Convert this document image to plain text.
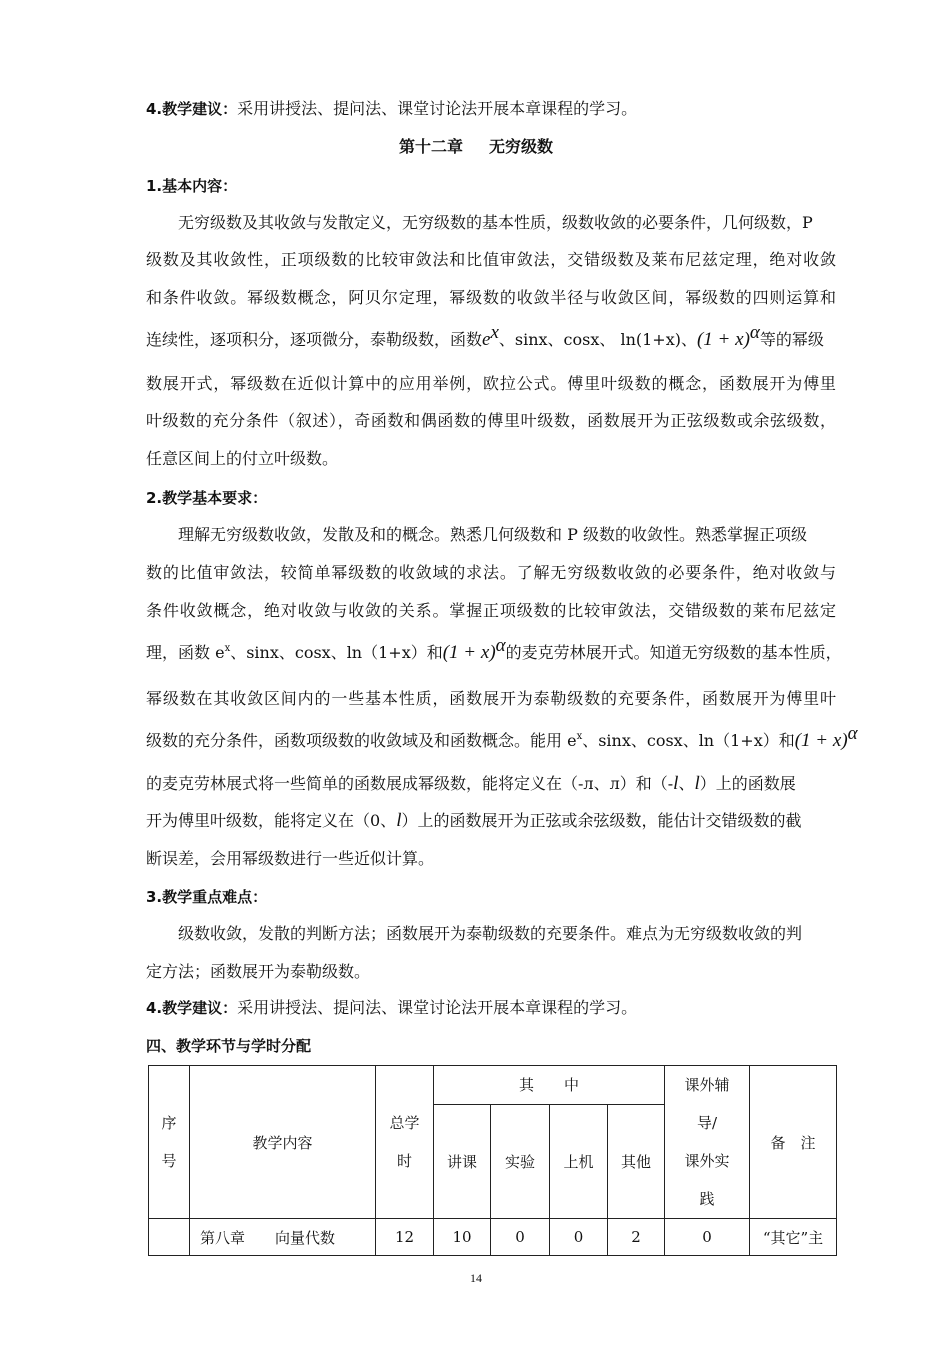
4.教学建议：采用讲授法、提问法、课堂讨论法开展本章课程的学习。
第十二章 无穷级数
1.基本内容：
无穷级数及其收敛与发散定义，无穷级数的基本性质，级数收敛的必要条件，几何级数，P
级数及其收敛性，正项级数的比较审敛法和比值审敛法，交错级数及莱布尼兹定理，绝对收敛
和条件收敛。幂级数概念，阿贝尔定理，幂级数的收敛半径与收敛区间，幂级数的四则运算和
连续性，逐项积分，逐项微分，泰勒级数，函数$e^x$、sinx、cosx、 ln(1+x)、$(1 + x)^\alpha$等的幂级
数展开式，幂级数在近似计算中的应用举例，欧拉公式。傅里叶级数的概念，函数展开为傅里
叶级数的充分条件（叙述），奇函数和偶函数的傅里叶级数，函数展开为正弦级数或余弦级数，
任意区间上的付立叶级数。
2.教学基本要求：
理解无穷级数收敛，发散及和的概念。熟悉几何级数和 P 级数的收敛性。熟悉掌握正项级
数的比值审敛法，较简单幂级数的收敛域的求法。了解无穷级数收敛的必要条件，绝对收敛与
条件收敛概念，绝对收敛与收敛的关系。掌握正项级数的比较审敛法，交错级数的莱布尼兹定
理，函数 $e^x$、sinx、cosx、ln（1+x）和$(1 + x)^\alpha$的麦克劳林展开式。知道无穷级数的基本性质，
幂级数在其收敛区间内的一些基本性质，函数展开为泰勒级数的充要条件，函数展开为傅里叶
级数的充分条件，函数项级数的收敛域及和函数概念。能用 $e^x$、sinx、cosx、ln（1+x）和$(1 + x)^\alpha$
的麦克劳林展式将一些简单的函数展成幂级数，能将定义在（-л、л）和（-l、l）上的函数展
开为傅里叶级数，能将定义在（0、l）上的函数展开为正弦或余弦级数，能估计交错级数的截
断误差，会用幂级数进行一些近似计算。
3.教学重点难点：
级数收敛，发散的判断方法；函数展开为泰勒级数的充要条件。难点为无穷级数收敛的判
定方法；函数展开为泰勒级数。
4.教学建议：采用讲授法、提问法、课堂讨论法开展本章课程的学习。
四、教学环节与学时分配
序
号	教学内容	总学
时	其　　中				课外辅
导/
课外实
践	备　注
			讲课	实验	上机	其他		
	第八章　　向量代数	12	10	0	0	2	0	“其它”主
14
